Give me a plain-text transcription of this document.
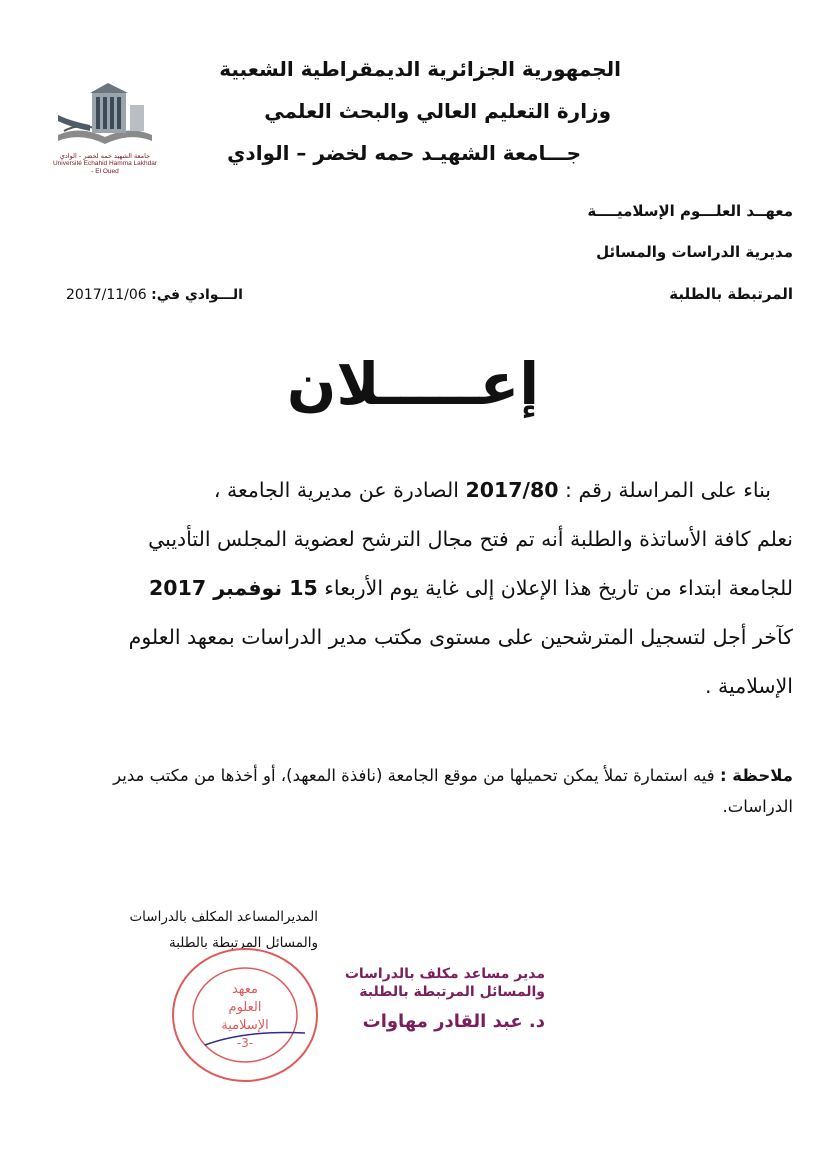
جامعة الشهيد حمه لخضر - الوادي
Université Echahid Hamma Lakhdar - El Oued
الجمهورية الجزائرية الديمقراطية الشعبية
وزارة التعليم العالي والبحث العلمي
جـــامعة الشهيـد حمه لخضر – الوادي
معهــد العلـــوم الإسلاميــــة
مديرية الدراسات والمسائل
المرتبطة بالطلبة
الـــوادي في: 2017/11/06
إعـــــلان
بناء على المراسلة رقم : 2017/80 الصادرة عن مديرية الجامعة ،
نعلم كافة الأساتذة والطلبة أنه تم فتح مجال الترشح لعضوية المجلس التأديبي
للجامعة ابتداء من تاريخ هذا الإعلان إلى غاية يوم الأربعاء 15 نوفمبر 2017
كآخر أجل لتسجيل المترشحين على مستوى مكتب مدير الدراسات بمعهد العلوم
الإسلامية .
ملاحظة : فيه استمارة تملأ يمكن تحميلها من موقع الجامعة (نافذة المعهد)، أو أخذها من مكتب مدير الدراسات.
المديرالمساعد المكلف بالدراسات
والمسائل المرتبطة بالطلبة
معهد
العلوم
الإسلامية
-3-
مدير مساعد مكلف بالدراسات
والمسائل المرتبطة بالطلبة
د. عبد القادر مهاوات
